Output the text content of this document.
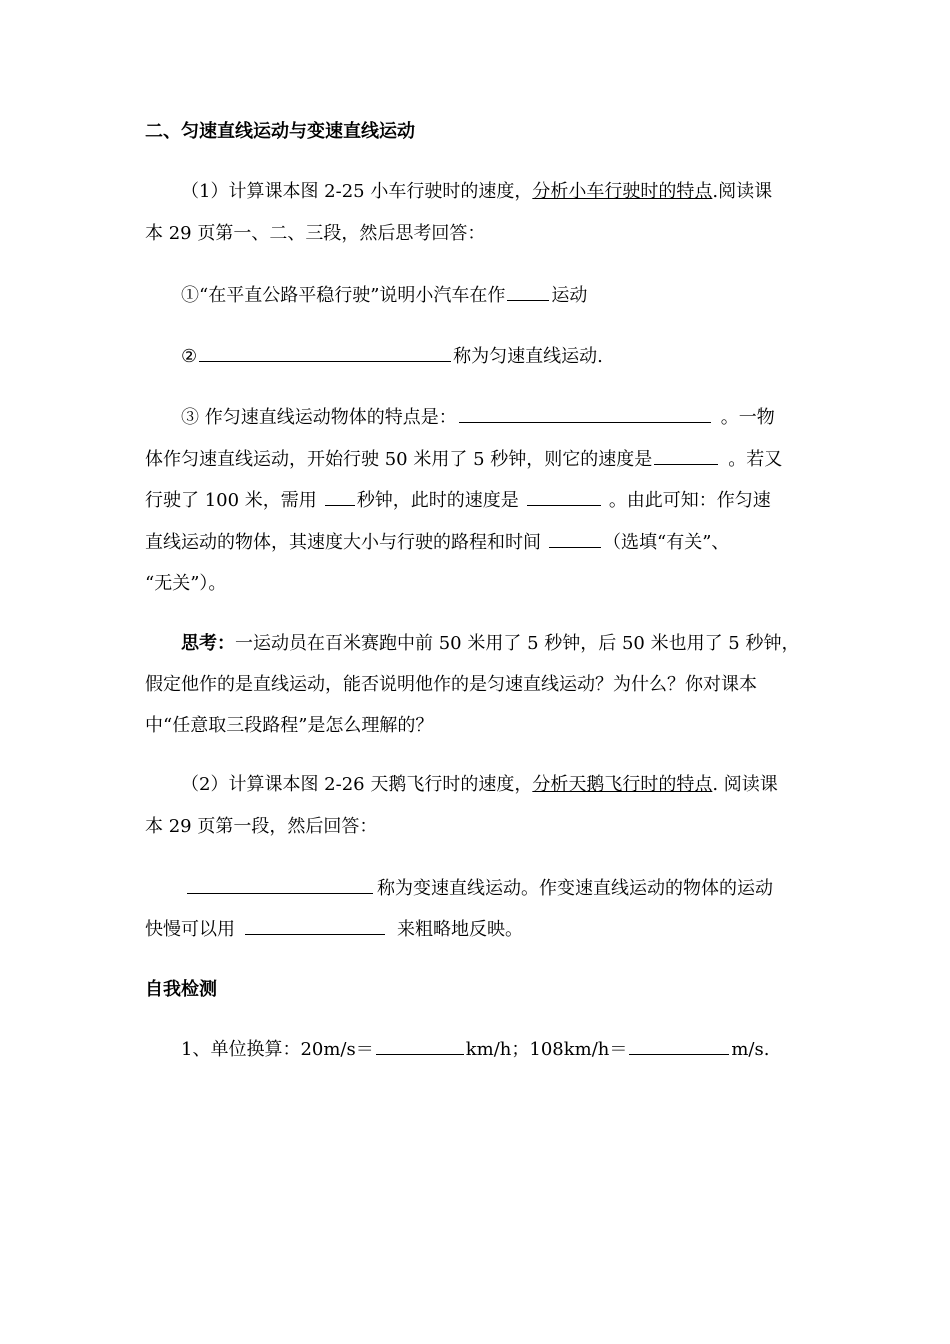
二、匀速直线运动与变速直线运动
（1）计算课本图 2-25 小车行驶时的速度，分析小车行驶时的特点.阅读课
本 29 页第一、二、三段，然后思考回答：
①“在平直公路平稳行驶”说明小汽车在作	运动
②	称为匀速直线运动.
③ 作匀速直线运动物体的特点是：	。一物
体作匀速直线运动，开始行驶 50 米用了 5 秒钟，则它的速度是	。若又
行驶了 100 米，需用 秒钟，此时的速度是	。由此可知：作匀速
直线运动的物体，其速度大小与行驶的路程和时间	（选填“有关”、
“无关”）。
思考：一运动员在百米赛跑中前 50 米用了 5 秒钟，后 50 米也用了 5 秒钟，
假定他作的是直线运动，能否说明他作的是匀速直线运动？为什么？你对课本
中“任意取三段路程”是怎么理解的？
（2）计算课本图 2-26 天鹅飞行时的速度，分析天鹅飞行时的特点. 阅读课
本 29 页第一段，然后回答：
称为变速直线运动。作变速直线运动的物体的运动
快慢可以用	来粗略地反映。
自我检测
1、单位换算：20m/s＝	km/h；108km/h＝	m/s.
